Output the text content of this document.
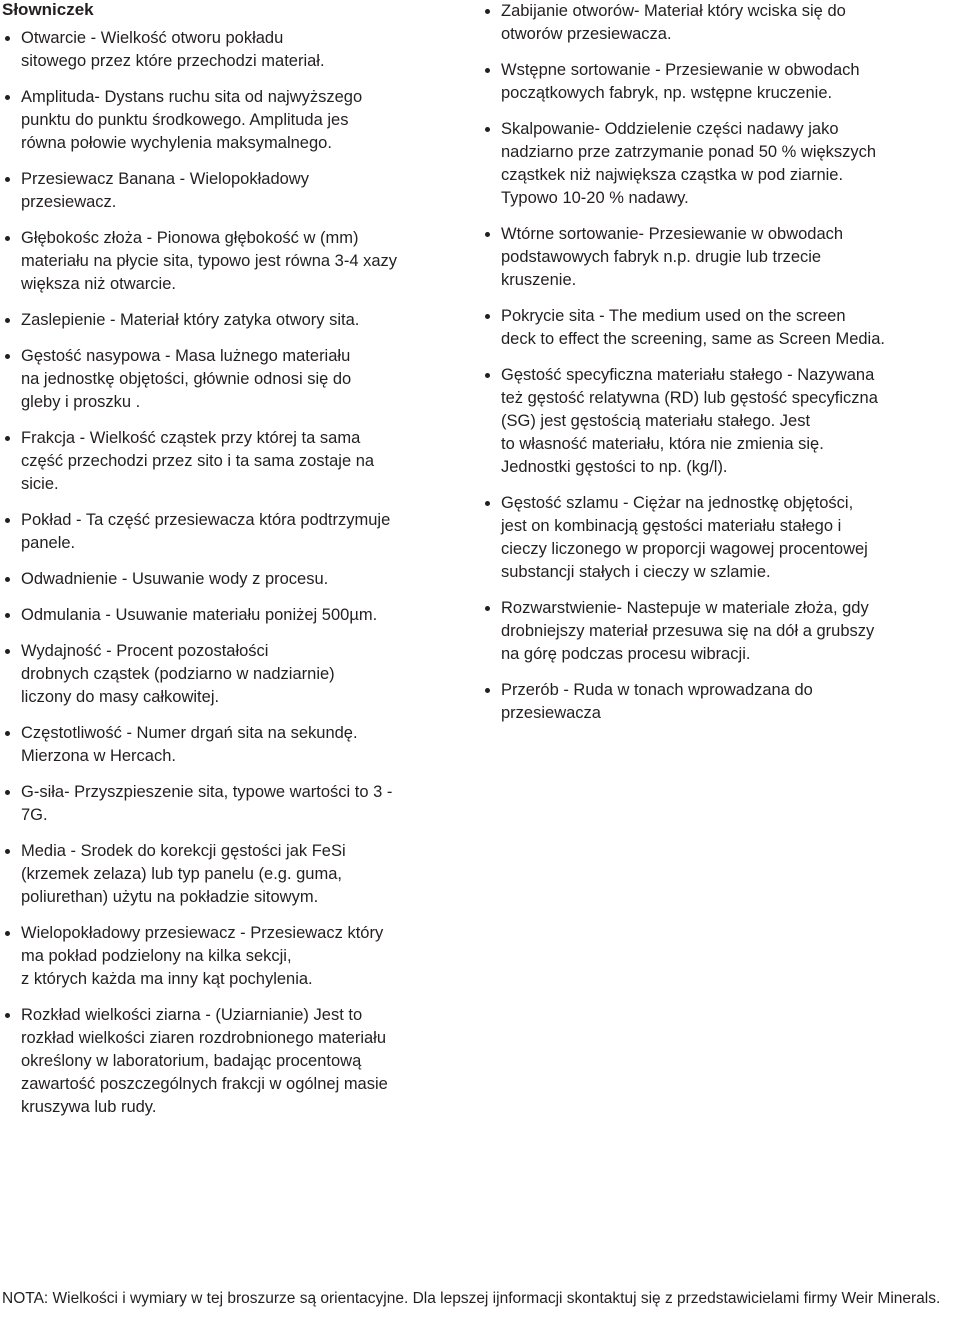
Słowniczek
Otwarcie - Wielkość otworu pokładu
sitowego przez które przechodzi materiał.
Amplituda- Dystans ruchu sita od najwyższego
punktu do punktu środkowego. Amplituda jes
równa połowie wychylenia maksymalnego.
Przesiewacz Banana - Wielopokładowy
przesiewacz.
Głębokośc złoża - Pionowa głębokość w (mm)
materiału na płycie sita, typowo jest równa 3-4 xazy
większa niż otwarcie.
Zaslepienie - Materiał który zatyka otwory sita.
Gęstość nasypowa - Masa lużnego materiału
na jednostkę objętości, głównie odnosi się do
gleby i proszku .
Frakcja - Wielkość cząstek przy której ta sama
część przechodzi przez sito i ta sama zostaje na
sicie.
Pokład - Ta część przesiewacza która podtrzymuje
panele.
Odwadnienie - Usuwanie wody z procesu.
Odmulania - Usuwanie materiału poniżej 500µm.
Wydajność - Procent pozostałości
drobnych cząstek (podziarno w nadziarnie)
liczony do masy całkowitej.
Częstotliwość - Numer drgań sita na sekundę.
Mierzona w Hercach.
G-siła- Przyszpieszenie sita, typowe wartości to 3 -
7G.
Media - Srodek do korekcji gęstości jak FeSi
(krzemek zelaza) lub typ panelu (e.g. guma,
poliurethan) użytu na pokładzie sitowym.
Wielopokładowy przesiewacz - Przesiewacz który
ma pokład podzielony na kilka sekcji,
z których każda ma inny kąt pochylenia.
Rozkład wielkości ziarna - (Uziarnianie) Jest to
rozkład wielkości ziaren rozdrobnionego materiału
określony w laboratorium, badając procentową
zawartość poszczególnych frakcji w ogólnej masie
kruszywa lub rudy.
Zabijanie otworów- Materiał który wciska się do
otworów przesiewacza.
Wstępne sortowanie - Przesiewanie w obwodach
początkowych fabryk, np. wstępne kruczenie.
Skalpowanie- Oddzielenie części nadawy jako
nadziarno prze zatrzymanie ponad 50 % większych
cząstkek niż największa cząstka w pod ziarnie.
Typowo 10-20 % nadawy.
Wtórne sortowanie- Przesiewanie w obwodach
podstawowych fabryk n.p. drugie lub trzecie
kruszenie.
Pokrycie sita - The medium used on the screen
deck to effect the screening, same as Screen Media.
Gęstość specyficzna materiału stałego - Nazywana
też gęstość relatywna (RD) lub gęstość specyficzna
(SG) jest gęstością materiału stałego. Jest
to własność materiału, która nie zmienia się.
Jednostki gęstości to np. (kg/l).
Gęstość szlamu - Ciężar na jednostkę objętości,
jest on kombinacją gęstości materiału stałego i
cieczy liczonego w proporcji wagowej procentowej
substancji stałych i cieczy w szlamie.
Rozwarstwienie- Nastepuje w materiale złoża, gdy
drobniejszy materiał przesuwa się na dół a grubszy
na górę podczas procesu wibracji.
Przerób - Ruda w tonach wprowadzana do
przesiewacza

NOTA: Wielkości i wymiary w tej broszurze są orientacyjne. Dla lepszej ijnformacji skontaktuj się z przedstawicielami firmy Weir Minerals.
